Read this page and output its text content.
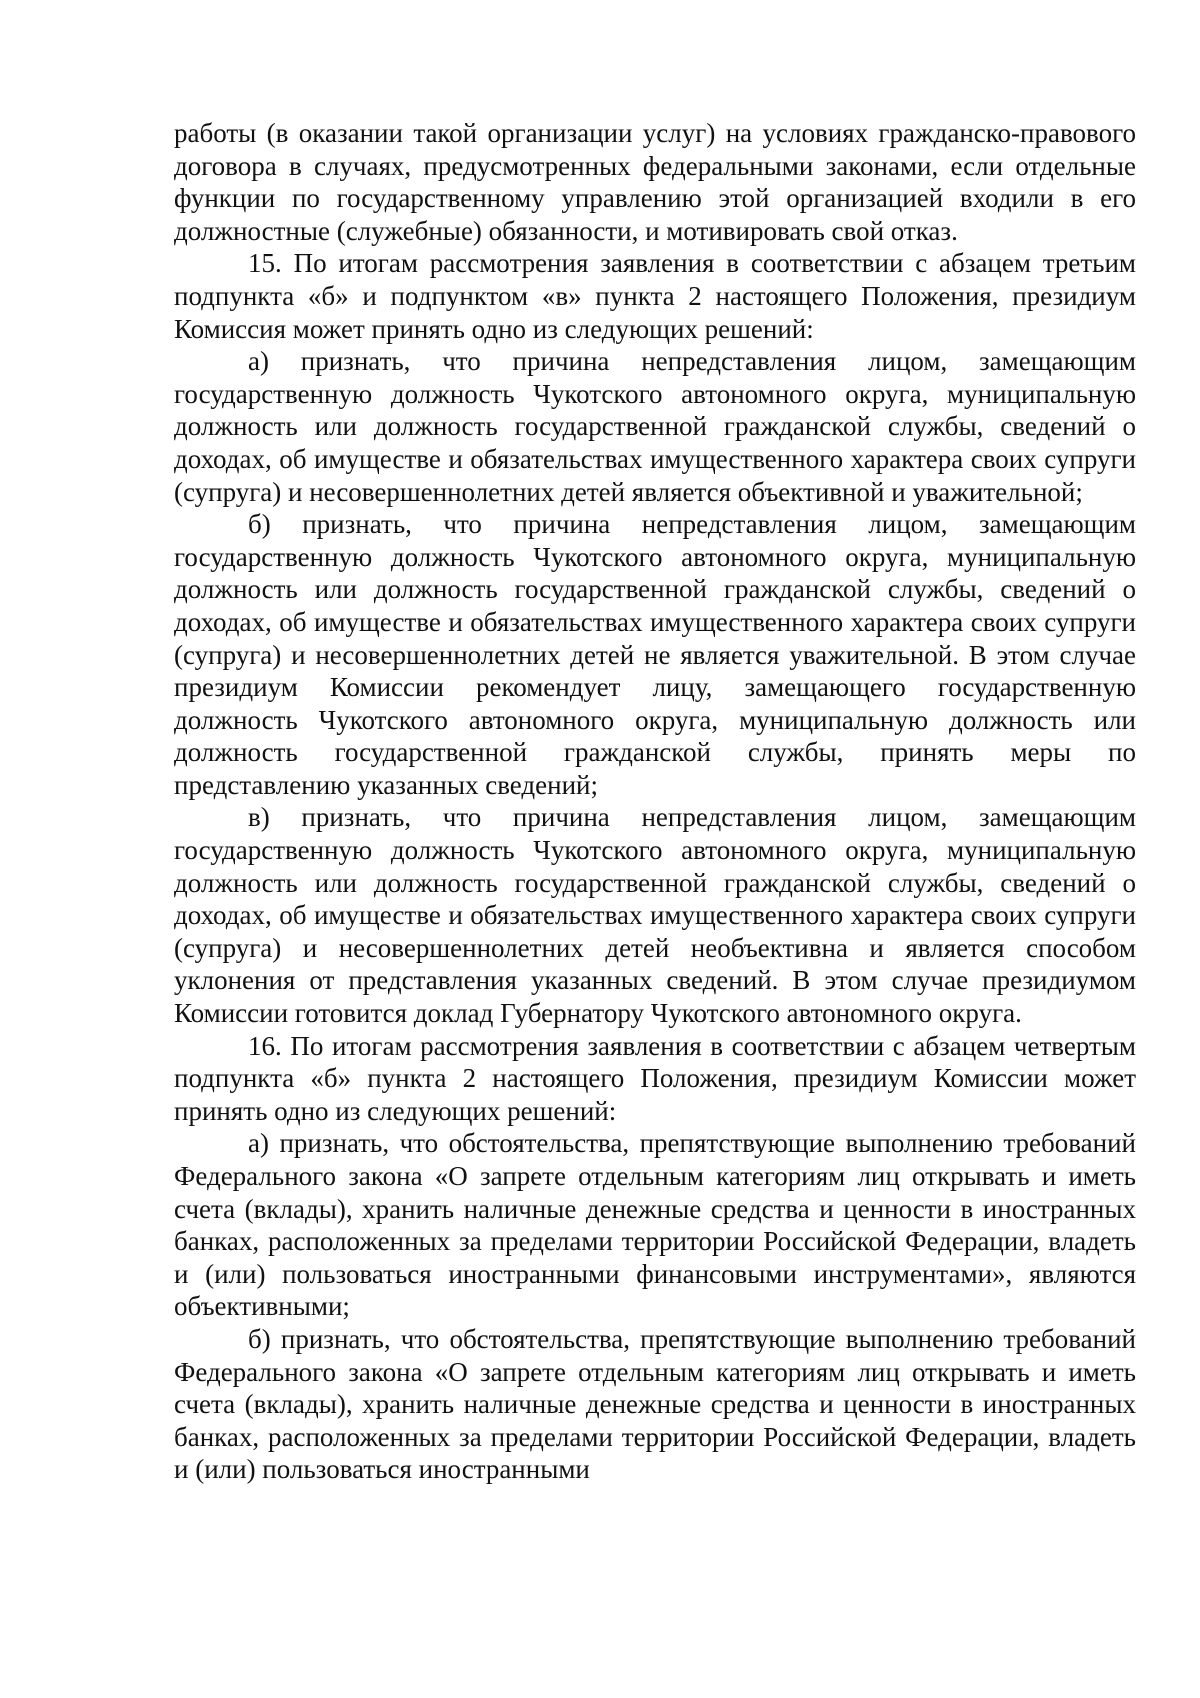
работы (в оказании такой организации услуг) на условиях гражданско-правового договора в случаях, предусмотренных федеральными законами, если отдельные функции по государственному управлению этой организацией входили в его должностные (служебные) обязанности, и мотивировать свой отказ.

15. По итогам рассмотрения заявления в соответствии с абзацем третьим подпункта «б» и подпунктом «в» пункта 2 настоящего Положения, президиум Комиссия может принять одно из следующих решений:

а) признать, что причина непредставления лицом, замещающим государственную должность Чукотского автономного округа, муниципальную должность или должность государственной гражданской службы, сведений о доходах, об имуществе и обязательствах имущественного характера своих супруги (супруга) и несовершеннолетних детей является объективной и уважительной;

б) признать, что причина непредставления лицом, замещающим государственную должность Чукотского автономного округа, муниципальную должность или должность государственной гражданской службы, сведений о доходах, об имуществе и обязательствах имущественного характера своих супруги (супруга) и несовершеннолетних детей не является уважительной. В этом случае президиум Комиссии рекомендует лицу, замещающего государственную должность Чукотского автономного округа, муниципальную должность или должность государственной гражданской службы, принять меры по представлению указанных сведений;

в) признать, что причина непредставления лицом, замещающим государственную должность Чукотского автономного округа, муниципальную должность или должность государственной гражданской службы, сведений о доходах, об имуществе и обязательствах имущественного характера своих супруги (супруга) и несовершеннолетних детей необъективна и является способом уклонения от представления указанных сведений. В этом случае президиумом Комиссии готовится доклад Губернатору Чукотского автономного округа.

16. По итогам рассмотрения заявления в соответствии с абзацем четвертым подпункта «б» пункта 2 настоящего Положения, президиум Комиссии может принять одно из следующих решений:

а) признать, что обстоятельства, препятствующие выполнению требований Федерального закона «О запрете отдельным категориям лиц открывать и иметь счета (вклады), хранить наличные денежные средства и ценности в иностранных банках, расположенных за пределами территории Российской Федерации, владеть и (или) пользоваться иностранными финансовыми инструментами», являются объективными;

б) признать, что обстоятельства, препятствующие выполнению требований Федерального закона «О запрете отдельным категориям лиц открывать и иметь счета (вклады), хранить наличные денежные средства и ценности в иностранных банках, расположенных за пределами территории Российской Федерации, владеть и (или) пользоваться иностранными
